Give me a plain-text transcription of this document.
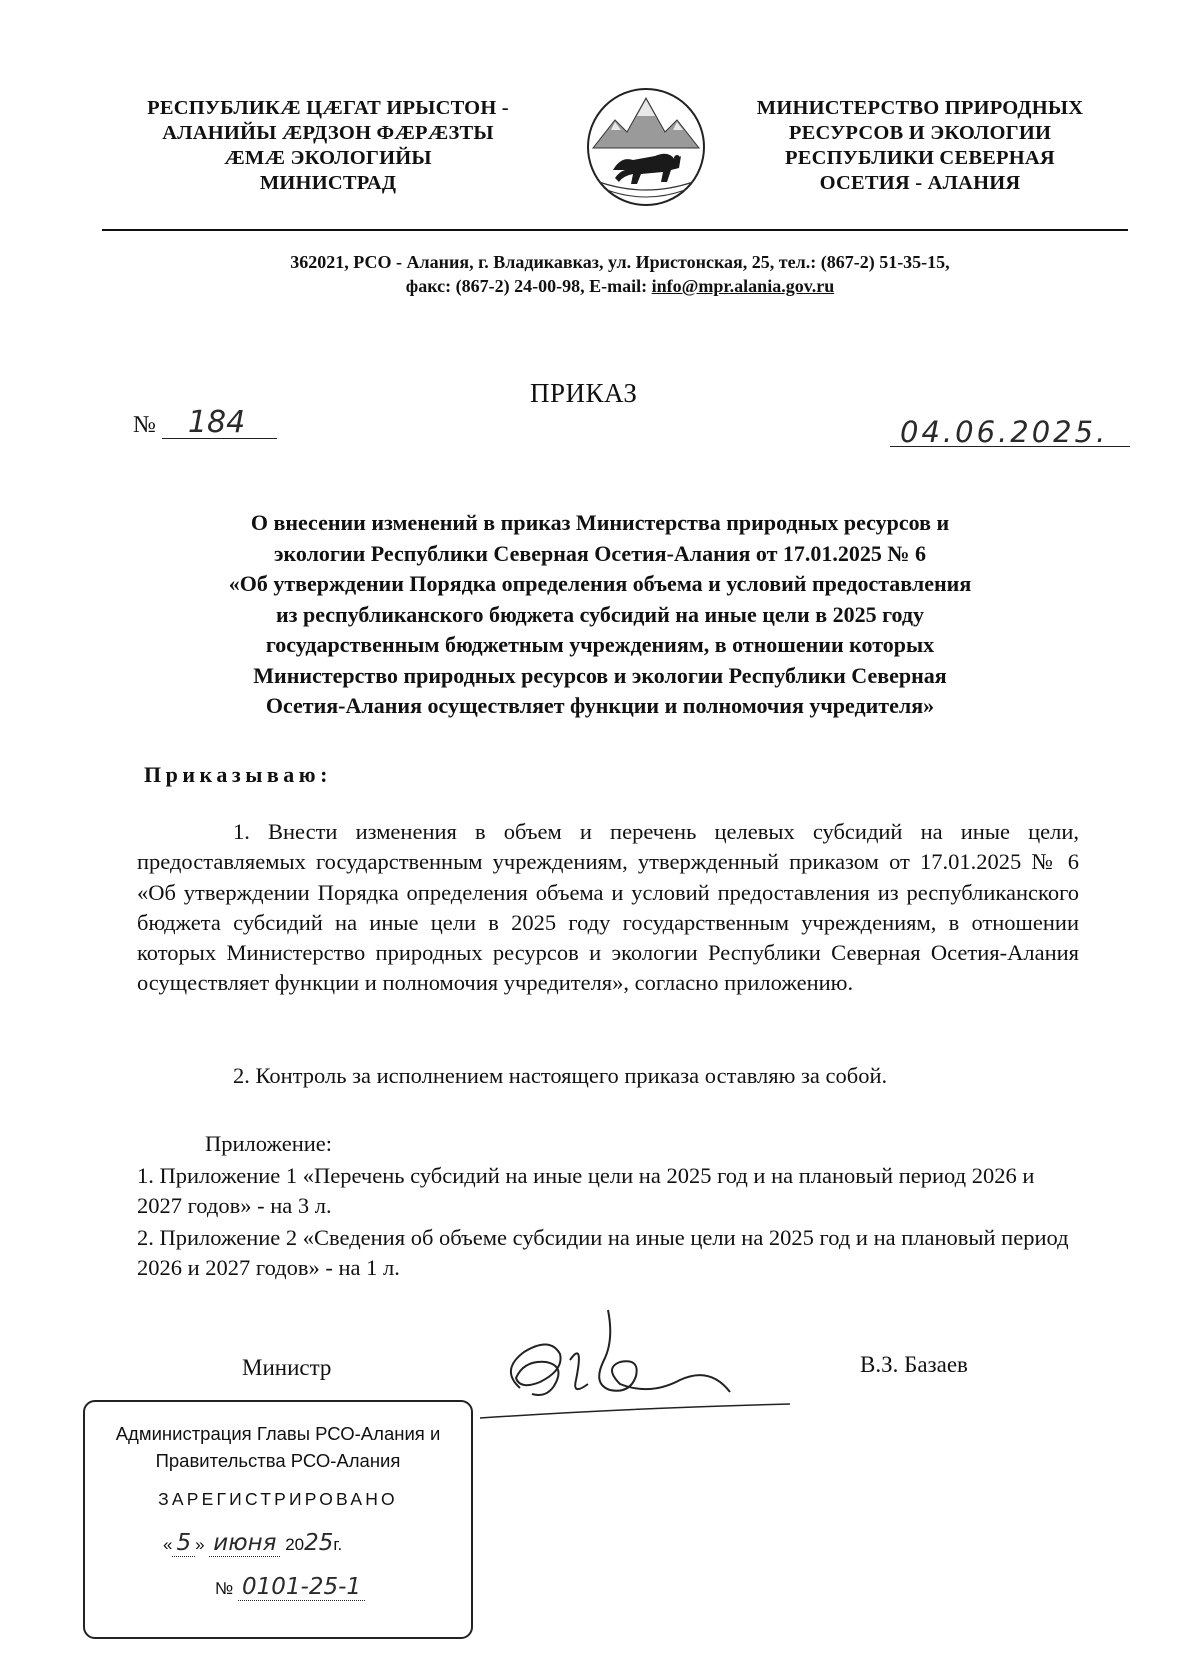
РЕСПУБЛИКÆ ЦÆГАТ ИРЫСТОН -
АЛАНИЙЫ ÆРДЗОН ФÆРÆЗТЫ
ÆМÆ ЭКОЛОГИЙЫ
МИНИСТРАД
МИНИСТЕРСТВО ПРИРОДНЫХ
РЕСУРСОВ И ЭКОЛОГИИ
РЕСПУБЛИКИ СЕВЕРНАЯ
ОСЕТИЯ - АЛАНИЯ
362021, РСО - Алания, г. Владикавказ, ул. Иристонская, 25, тел.: (867-2) 51-35-15,
факс: (867-2) 24-00-98, E-mail: info@mpr.alania.gov.ru
ПРИКАЗ
№ 184	04.06.2025.
О внесении изменений в приказ Министерства природных ресурсов и
экологии Республики Северная Осетия-Алания от 17.01.2025 № 6
«Об утверждении Порядка определения объема и условий предоставления
из республиканского бюджета субсидий на иные цели в 2025 году
государственным бюджетным учреждениям, в отношении которых
Министерство природных ресурсов и экологии Республики Северная
Осетия-Алания осуществляет функции и полномочия учредителя»
Приказываю:
1. Внести изменения в объем и перечень целевых субсидий на иные цели, предоставляемых государственным учреждениям, утвержденный приказом от 17.01.2025 № 6 «Об утверждении Порядка определения объема и условий предоставления из республиканского бюджета субсидий на иные цели в 2025 году государственным учреждениям, в отношении которых Министерство природных ресурсов и экологии Республики Северная Осетия-Алания осуществляет функции и полномочия учредителя», согласно приложению.
2. Контроль за исполнением настоящего приказа оставляю за собой.
Приложение:
1. Приложение 1 «Перечень субсидий на иные цели на 2025 год и на плановый период 2026 и 2027 годов» - на 3 л.
2. Приложение 2 «Сведения об объеме субсидии на иные цели на 2025 год и на плановый период 2026 и 2027 годов» - на 1 л.
Министр	В.З. Базаев
Администрация Главы РСО-Алания и
Правительства РСО-Алания
ЗАРЕГИСТРИРОВАНО
« 5 » июня 2025г.
№ 0101-25-1
